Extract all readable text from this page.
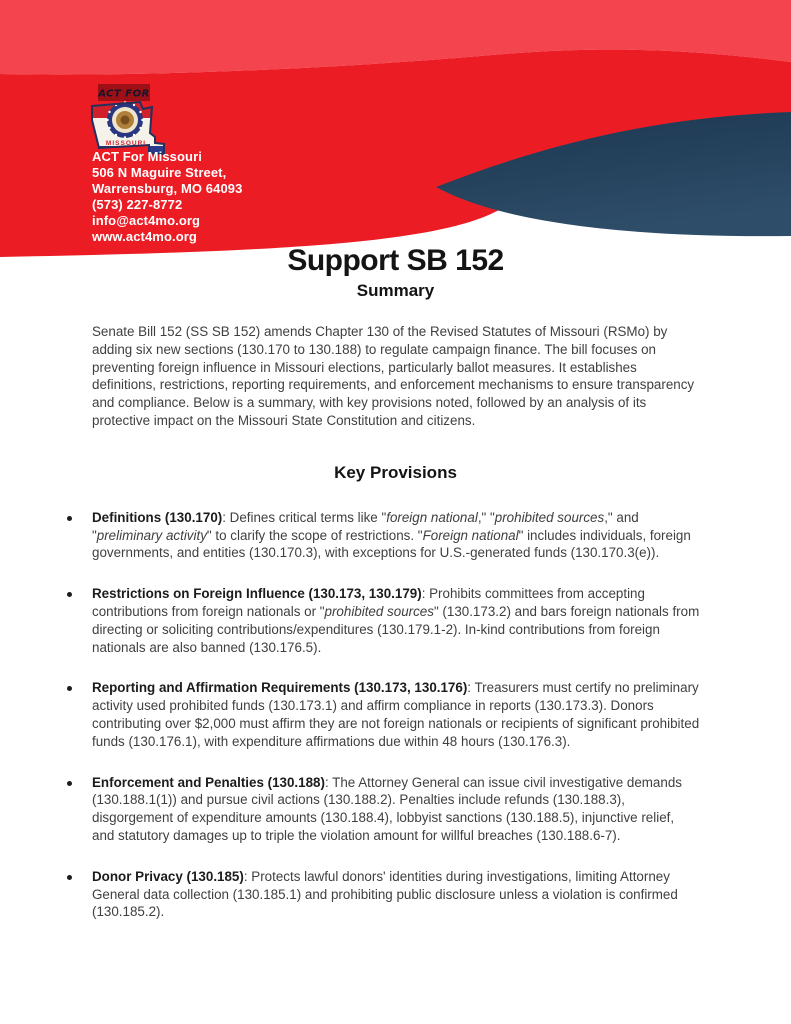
ACT FOR
MISSOURI
ACT For Missouri
506 N Maguire Street,
Warrensburg, MO 64093
(573) 227-8772
info@act4mo.org
www.act4mo.org
Support SB 152
Summary

Senate Bill 152 (SS SB 152) amends Chapter 130 of the Revised Statutes of Missouri (RSMo) by adding six new sections (130.170 to 130.188) to regulate campaign finance. The bill focuses on preventing foreign influence in Missouri elections, particularly ballot measures. It establishes definitions, restrictions, reporting requirements, and enforcement mechanisms to ensure transparency and compliance. Below is a summary, with key provisions noted, followed by an analysis of its protective impact on the Missouri State Constitution and citizens.

Key Provisions
Definitions (130.170): Defines critical terms like "foreign national," "prohibited sources," and "preliminary activity" to clarify the scope of restrictions. "Foreign national" includes individuals, foreign governments, and entities (130.170.3), with exceptions for U.S.-generated funds (130.170.3(e)).
Restrictions on Foreign Influence (130.173, 130.179): Prohibits committees from accepting contributions from foreign nationals or "prohibited sources" (130.173.2) and bars foreign nationals from directing or soliciting contributions/expenditures (130.179.1-2). In-kind contributions from foreign nationals are also banned (130.176.5).
Reporting and Affirmation Requirements (130.173, 130.176): Treasurers must certify no preliminary activity used prohibited funds (130.173.1) and affirm compliance in reports (130.173.3). Donors contributing over $2,000 must affirm they are not foreign nationals or recipients of significant prohibited funds (130.176.1), with expenditure affirmations due within 48 hours (130.176.3).
Enforcement and Penalties (130.188): The Attorney General can issue civil investigative demands (130.188.1(1)) and pursue civil actions (130.188.2). Penalties include refunds (130.188.3), disgorgement of expenditure amounts (130.188.4), lobbyist sanctions (130.188.5), injunctive relief, and statutory damages up to triple the violation amount for willful breaches (130.188.6-7).
Donor Privacy (130.185): Protects lawful donors' identities during investigations, limiting Attorney General data collection (130.185.1) and prohibiting public disclosure unless a violation is confirmed (130.185.2).
